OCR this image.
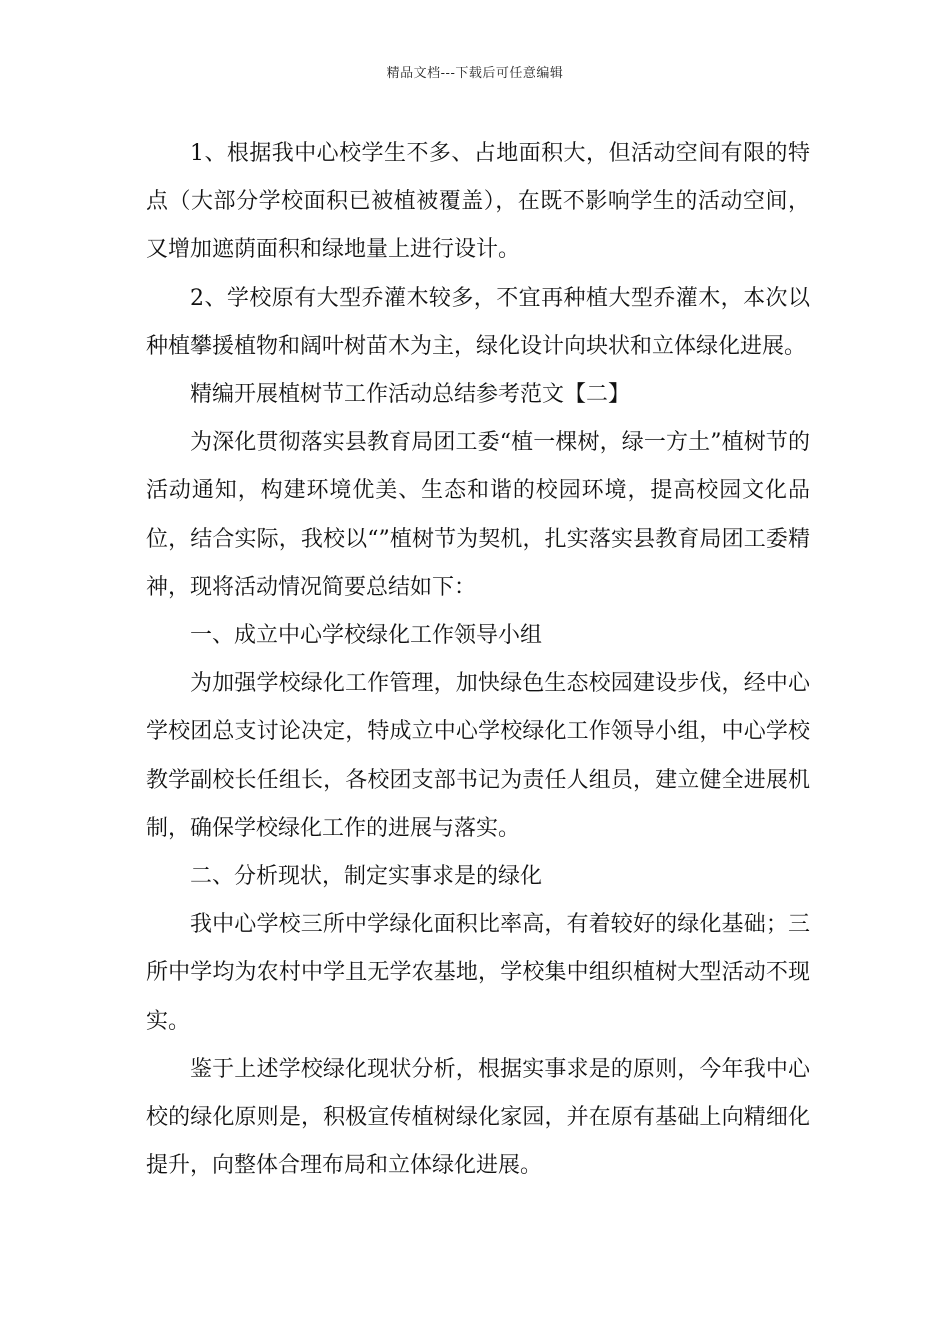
精品文档---下载后可任意编辑

1、根据我中心校学生不多、占地面积大，但活动空间有限的特点（大部分学校面积已被植被覆盖），在既不影响学生的活动空间，又增加遮荫面积和绿地量上进行设计。

2、学校原有大型乔灌木较多，不宜再种植大型乔灌木，本次以种植攀援植物和阔叶树苗木为主，绿化设计向块状和立体绿化进展。

精编开展植树节工作活动总结参考范文【二】

为深化贯彻落实县教育局团工委“植一棵树，绿一方土”植树节的活动通知，构建环境优美、生态和谐的校园环境，提高校园文化品位，结合实际，我校以“”植树节为契机，扎实落实县教育局团工委精神，现将活动情况简要总结如下：

一、成立中心学校绿化工作领导小组

为加强学校绿化工作管理，加快绿色生态校园建设步伐，经中心学校团总支讨论决定，特成立中心学校绿化工作领导小组，中心学校教学副校长任组长，各校团支部书记为责任人组员，建立健全进展机制，确保学校绿化工作的进展与落实。

二、分析现状，制定实事求是的绿化

我中心学校三所中学绿化面积比率高，有着较好的绿化基础；三所中学均为农村中学且无学农基地，学校集中组织植树大型活动不现实。

鉴于上述学校绿化现状分析，根据实事求是的原则，今年我中心校的绿化原则是，积极宣传植树绿化家园，并在原有基础上向精细化提升，向整体合理布局和立体绿化进展。
